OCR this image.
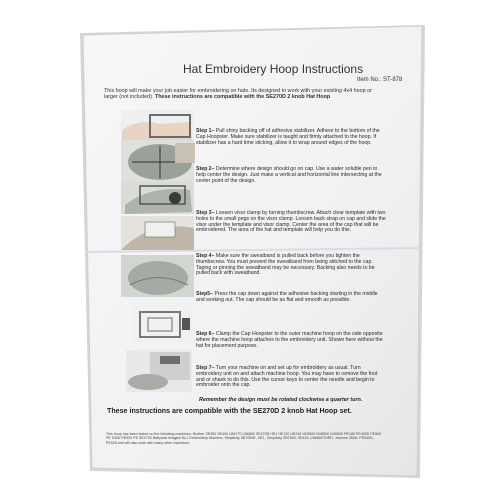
Hat Embroidery Hoop Instructions
Item No.: ST-878
This hoop will make your job easier for embroidering on hats. Its designed to work with your existing 4x4 hoop or larger (not included). These instructions are compatible with the SE270D 2 knob Hat Hoop
Step 1– Pull shiny backing off of adhesive stabilizer. Adhere to the bottom of the Cap Hoopster. Make sure stabilizer is taught and firmly attached to the hoop. If stabilizer has a hard time sticking, allow it to wrap around edges of the hoop.
Step 2– Determine where design should go on cap. Use a water soluble pen to help center the design. Just make a vertical and horizontal line intersecting at the center point of the design.
Step 3– Loosen visor clamp by turning thumbscrew. Attach clear template with two holes to the small pegs on the visor clamp. Loosen back strap on cap and slide the visor under the template and visor clamp. Center the area of the cap that will be embroidered. The area of the hat and template will help you do this.
Step 4– Make sure the sweatband is pulled back before you tighten the thumbscrew. You must prevent the sweatband from being stitched to the cap. Taping or pinning the sweatband may be necessary. Backing also needs to be pulled back with sweatband.
Step5– Press the cap down against the adhesive backing starting in the middle and working out. The cap should be as flat and smooth as possible.
Step 6– Clamp the Cap Hoopster to the outer machine hoop on the side opposite where the machine hoop attaches to the embroidery unit. Shown here without the hat for placement purpose.
Step 7– Turn your machine on and set up for embroidery as usual. Turn embroidery unit on and attach machine hoop. You may have to remove the foot and or shank to do this. Use the cursor keys to center the needle and begin to embroider onto the cap.
Remember the design must be rotated clockwise a quarter turn.
These instructions are compatible with the SE270D 2 knob Hat Hoop set.
This hoop has been tested on the following machines: Brother SE350 SE400 LB6770 LB6800 SE270D HE1 HE120 HE240 NV9500 NV8500 NV6500 PE180 PE400D PE500 PE 540D PE520 PE SE2700 Babylock Imagine BL1 Embroidery Machine, Simplicity SB7050E, HE1, Simplicity SB7500, SE425, LB6800THRD, Janome 350D, PE540D, PE525 and will also work with many other machines.
